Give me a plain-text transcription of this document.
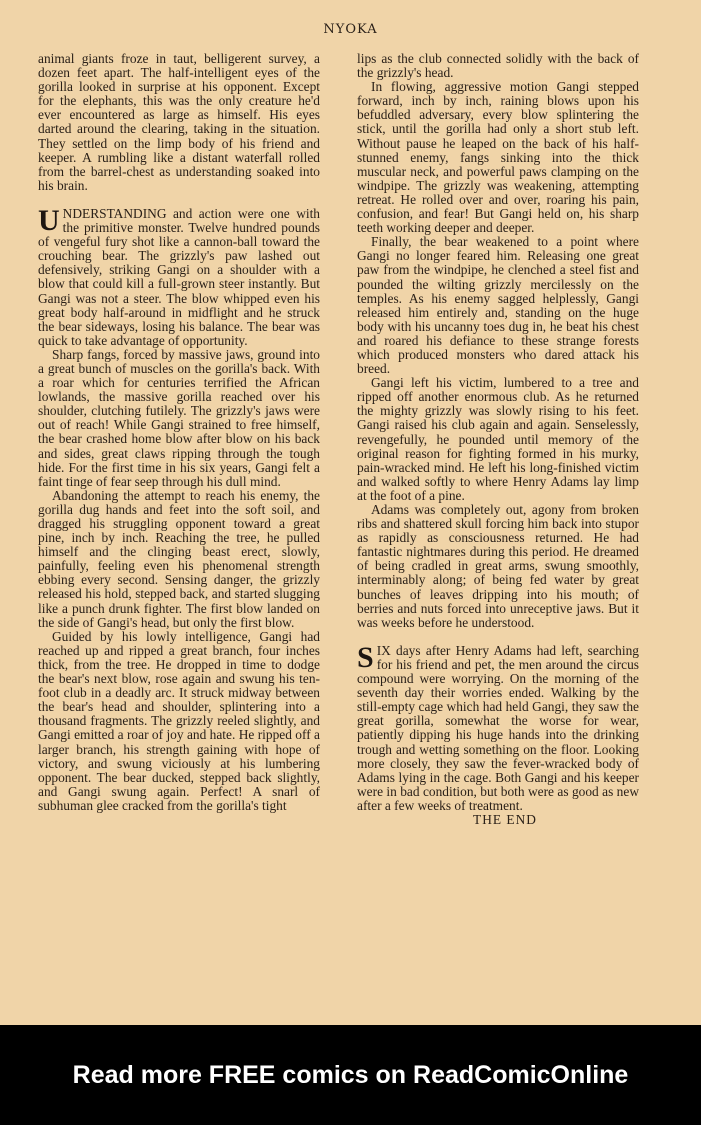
NYOKA

animal giants froze in taut, belligerent survey, a dozen feet apart. The half-intelligent eyes of the gorilla looked in surprise at his opponent. Except for the elephants, this was the only creature he'd ever encountered as large as himself. His eyes darted around the clearing, taking in the situation. They settled on the limp body of his friend and keeper. A rumbling like a distant waterfall rolled from the barrel-chest as understanding soaked into his brain.

UNDERSTANDING and action were one with the primitive monster. Twelve hundred pounds of vengeful fury shot like a cannon-ball toward the crouching bear. The grizzly's paw lashed out defensively, striking Gangi on a shoulder with a blow that could kill a full-grown steer instantly. But Gangi was not a steer. The blow whipped even his great body half-around in midflight and he struck the bear sideways, losing his balance. The bear was quick to take advantage of opportunity.

Sharp fangs, forced by massive jaws, ground into a great bunch of muscles on the gorilla's back. With a roar which for centuries terrified the African lowlands, the massive gorilla reached over his shoulder, clutching futilely. The grizzly's jaws were out of reach! While Gangi strained to free himself, the bear crashed home blow after blow on his back and sides, great claws ripping through the tough hide. For the first time in his six years, Gangi felt a faint tinge of fear seep through his dull mind.

Abandoning the attempt to reach his enemy, the gorilla dug hands and feet into the soft soil, and dragged his struggling opponent toward a great pine, inch by inch. Reaching the tree, he pulled himself and the clinging beast erect, slowly, painfully, feeling even his phenomenal strength ebbing every second. Sensing danger, the grizzly released his hold, stepped back, and started slugging like a punch drunk fighter. The first blow landed on the side of Gangi's head, but only the first blow.

Guided by his lowly intelligence, Gangi had reached up and ripped a great branch, four inches thick, from the tree. He dropped in time to dodge the bear's next blow, rose again and swung his ten-foot club in a deadly arc. It struck midway between the bear's head and shoulder, splintering into a thousand fragments. The grizzly reeled slightly, and Gangi emitted a roar of joy and hate. He ripped off a larger branch, his strength gaining with hope of victory, and swung viciously at his lumbering opponent. The bear ducked, stepped back slightly, and Gangi swung again. Perfect! A snarl of subhuman glee cracked from the gorilla's tight

lips as the club connected solidly with the back of the grizzly's head.

In flowing, aggressive motion Gangi stepped forward, inch by inch, raining blows upon his befuddled adversary, every blow splintering the stick, until the gorilla had only a short stub left. Without pause he leaped on the back of his half-stunned enemy, fangs sinking into the thick muscular neck, and powerful paws clamping on the windpipe. The grizzly was weakening, attempting retreat. He rolled over and over, roaring his pain, confusion, and fear! But Gangi held on, his sharp teeth working deeper and deeper.

Finally, the bear weakened to a point where Gangi no longer feared him. Releasing one great paw from the windpipe, he clenched a steel fist and pounded the wilting grizzly mercilessly on the temples. As his enemy sagged helplessly, Gangi released him entirely and, standing on the huge body with his uncanny toes dug in, he beat his chest and roared his defiance to these strange forests which produced monsters who dared attack his breed.

Gangi left his victim, lumbered to a tree and ripped off another enormous club. As he returned the mighty grizzly was slowly rising to his feet. Gangi raised his club again and again. Senselessly, revengefully, he pounded until memory of the original reason for fighting formed in his murky, pain-wracked mind. He left his long-finished victim and walked softly to where Henry Adams lay limp at the foot of a pine.

Adams was completely out, agony from broken ribs and shattered skull forcing him back into stupor as rapidly as consciousness returned. He had fantastic nightmares during this period. He dreamed of being cradled in great arms, swung smoothly, interminably along; of being fed water by great bunches of leaves dripping into his mouth; of berries and nuts forced into unreceptive jaws. But it was weeks before he understood.

SIX days after Henry Adams had left, searching for his friend and pet, the men around the circus compound were worrying. On the morning of the seventh day their worries ended. Walking by the still-empty cage which had held Gangi, they saw the great gorilla, somewhat the worse for wear, patiently dipping his huge hands into the drinking trough and wetting something on the floor. Looking more closely, they saw the fever-wracked body of Adams lying in the cage. Both Gangi and his keeper were in bad condition, but both were as good as new after a few weeks of treatment.

THE END

Read more FREE comics on ReadComicOnline
